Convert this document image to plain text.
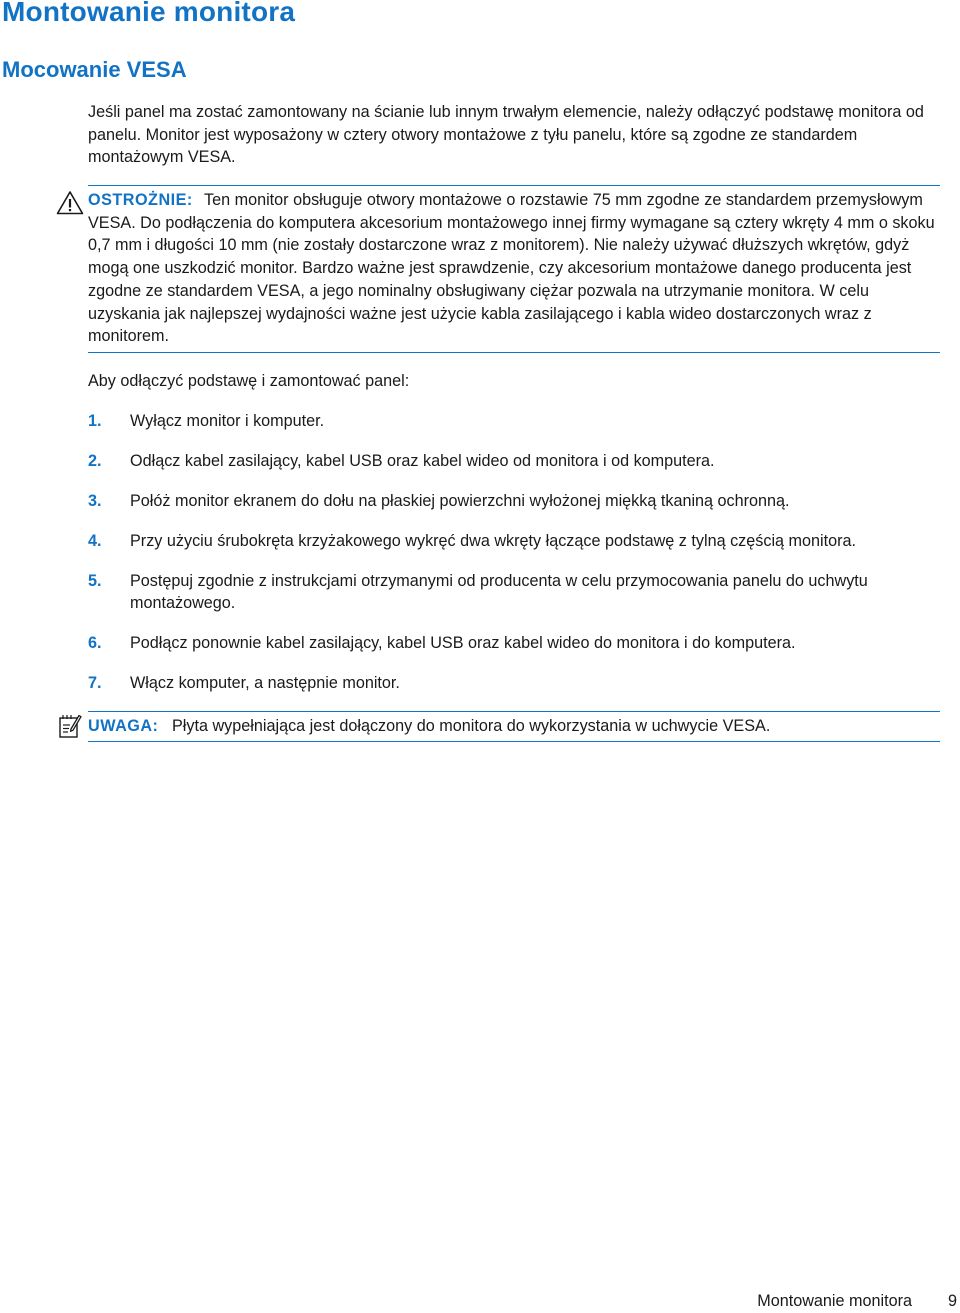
Montowanie monitora
Mocowanie VESA

Jeśli panel ma zostać zamontowany na ścianie lub innym trwałym elemencie, należy odłączyć podstawę monitora od panelu. Monitor jest wyposażony w cztery otwory montażowe z tyłu panelu, które są zgodne ze standardem montażowym VESA.

OSTROŻNIE: Ten monitor obsługuje otwory montażowe o rozstawie 75 mm zgodne ze standardem przemysłowym VESA. Do podłączenia do komputera akcesorium montażowego innej firmy wymagane są cztery wkręty 4 mm o skoku 0,7 mm i długości 10 mm (nie zostały dostarczone wraz z monitorem). Nie należy używać dłuższych wkrętów, gdyż mogą one uszkodzić monitor. Bardzo ważne jest sprawdzenie, czy akcesorium montażowe danego producenta jest zgodne ze standardem VESA, a jego nominalny obsługiwany ciężar pozwala na utrzymanie monitora. W celu uzyskania jak najlepszej wydajności ważne jest użycie kabla zasilającego i kabla wideo dostarczonych wraz z monitorem.

Aby odłączyć podstawę i zamontować panel:

1. Wyłącz monitor i komputer.
2. Odłącz kabel zasilający, kabel USB oraz kabel wideo od monitora i od komputera.
3. Połóż monitor ekranem do dołu na płaskiej powierzchni wyłożonej miękką tkaniną ochronną.
4. Przy użyciu śrubokręta krzyżakowego wykręć dwa wkręty łączące podstawę z tylną częścią monitora.
5. Postępuj zgodnie z instrukcjami otrzymanymi od producenta w celu przymocowania panelu do uchwytu montażowego.
6. Podłącz ponownie kabel zasilający, kabel USB oraz kabel wideo do monitora i do komputera.
7. Włącz komputer, a następnie monitor.

UWAGA: Płyta wypełniająca jest dołączony do monitora do wykorzystania w uchwycie VESA.

Montowanie monitora 9
